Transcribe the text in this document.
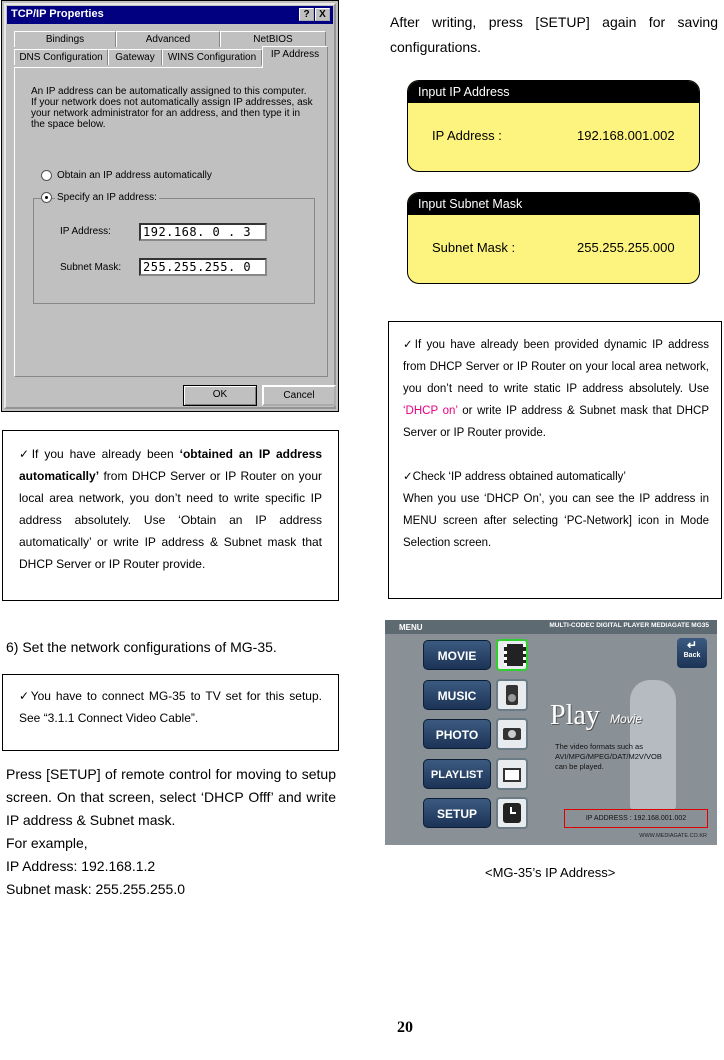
TCP/IP Properties	? X
Bindings	Advanced	NetBIOS
DNS Configuration	Gateway	WINS Configuration	IP Address
An IP address can be automatically assigned to this computer.
If your network does not automatically assign IP addresses, ask
your network administrator for an address, and then type it in
the space below.
Obtain an IP address automatically
Specify an IP address:
IP Address:	192.168. 0 . 3
Subnet Mask:	255.255.255. 0
OK	Cancel
✓If you have already been ‘obtained an IP address automatically’ from DHCP Server or IP Router on your local area network, you don’t need to write specific IP address absolutely. Use ‘Obtain an IP address automatically’ or write IP address & Subnet mask that DHCP Server or IP Router provide.
6) Set the network configurations of MG-35.
✓You have to connect MG-35 to TV set for this setup. See “3.1.1 Connect Video Cable”.
Press [SETUP] of remote control for moving to setup screen. On that screen, select ‘DHCP Offf’ and write IP address & Subnet mask.
For example,
IP Address: 192.168.1.2
Subnet mask: 255.255.255.0
After writing, press [SETUP] again for saving configurations.
Input IP Address
IP Address :	192.168.001.002
Input Subnet Mask
Subnet Mask :	255.255.255.000
✓If you have already been provided dynamic IP address from DHCP Server or IP Router on your local area network, you don’t need to write static IP address absolutely. Use ‘DHCP on’ or write IP address & Subnet mask that DHCP Server or IP Router provide.
✓Check ‘IP address obtained automatically’
When you use ‘DHCP On’, you can see the IP address in MENU screen after selecting ‘PC-Network] icon in Mode Selection screen.
MENU	MULTI-CODEC DIGITAL PLAYER MEDIAGATE MG35
MOVIE
MUSIC
PHOTO
PLAYLIST
SETUP
↵
Back
Play Movie
The video formats such as
AVI/MPG/MPEG/DAT/M2V/VOB
can be played.
IP ADDRESS : 192.168.001.002
WWW.MEDIAGATE.CO.KR
<MG-35’s IP Address>
20
